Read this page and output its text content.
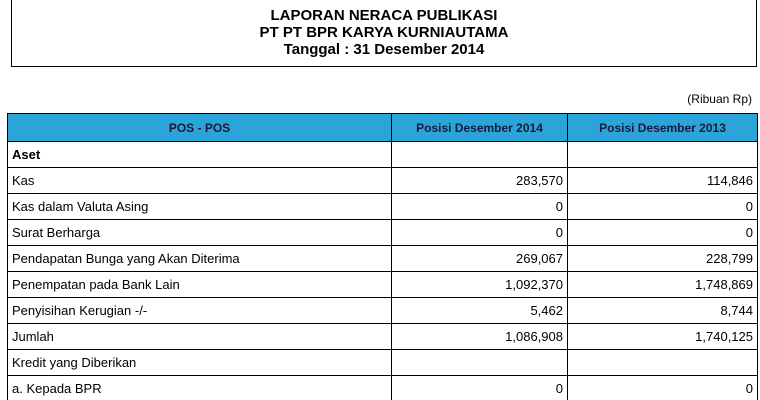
LAPORAN NERACA PUBLIKASI
PT PT BPR KARYA KURNIAUTAMA
Tanggal : 31 Desember 2014
(Ribuan Rp)
POS - POS	Posisi Desember 2014	Posisi Desember 2013
Aset		
Kas	283,570	114,846
Kas dalam Valuta Asing	0	0
Surat Berharga	0	0
Pendapatan Bunga yang Akan Diterima	269,067	228,799
Penempatan pada Bank Lain	1,092,370	1,748,869
Penyisihan Kerugian -/-	5,462	8,744
Jumlah	1,086,908	1,740,125
Kredit yang Diberikan		
a. Kepada BPR	0	0
